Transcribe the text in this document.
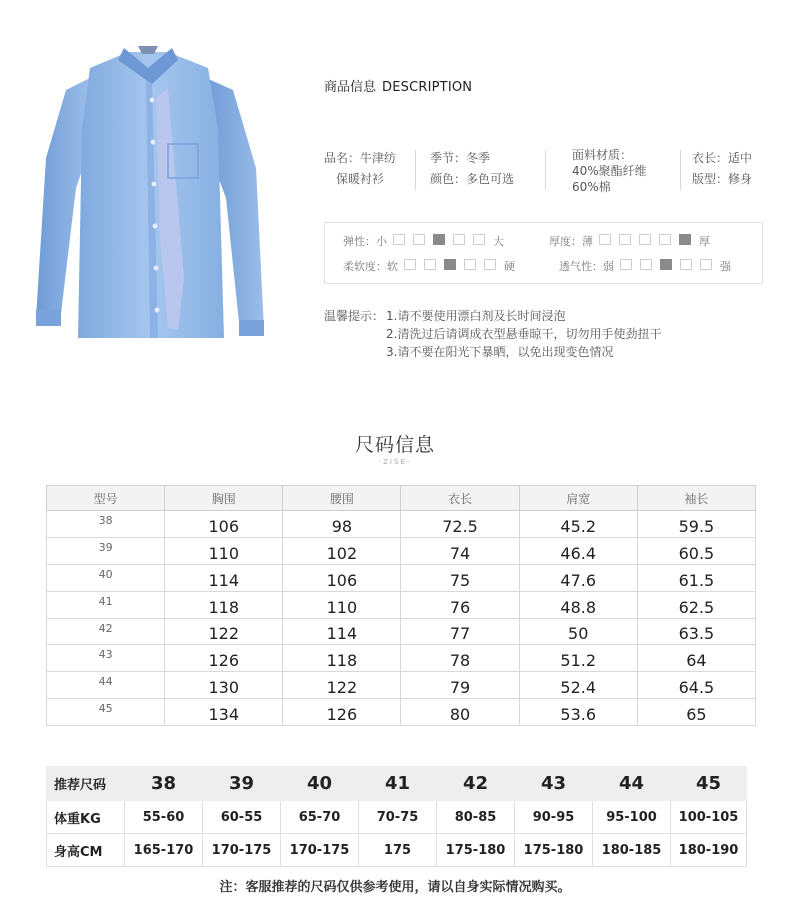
商品信息 DESCRIPTION
品名：牛津纺
保暖衬衫
季节：冬季
颜色：多色可选
面料材质：
40%聚酯纤维
60%棉
衣长：适中
版型：修身
弹性：小	大	厚度：薄	厚
柔软度：软	硬	透气性：弱	强
温馨提示： 1.请不要使用漂白剂及长时间浸泡
2.清洗过后请调成衣型悬垂晾干，切勿用手使劲扭干
3.请不要在阳光下暴晒，以免出现变色情况
尺码信息
-ZISE-
型号	胸围	腰围	衣长	肩宽	袖长
38	106	98	72.5	45.2	59.5
39	110	102	74	46.4	60.5
40	114	106	75	47.6	61.5
41	118	110	76	48.8	62.5
42	122	114	77	50	63.5
43	126	118	78	51.2	64
44	130	122	79	52.4	64.5
45	134	126	80	53.6	65
推荐尺码	38	39	40	41	42	43	44	45
体重KG	55-60	60-55	65-70	70-75	80-85	90-95	95-100	100-105
身高CM	165-170	170-175	170-175	175	175-180	175-180	180-185	180-190
注：客服推荐的尺码仅供参考使用，请以自身实际情况购买。
